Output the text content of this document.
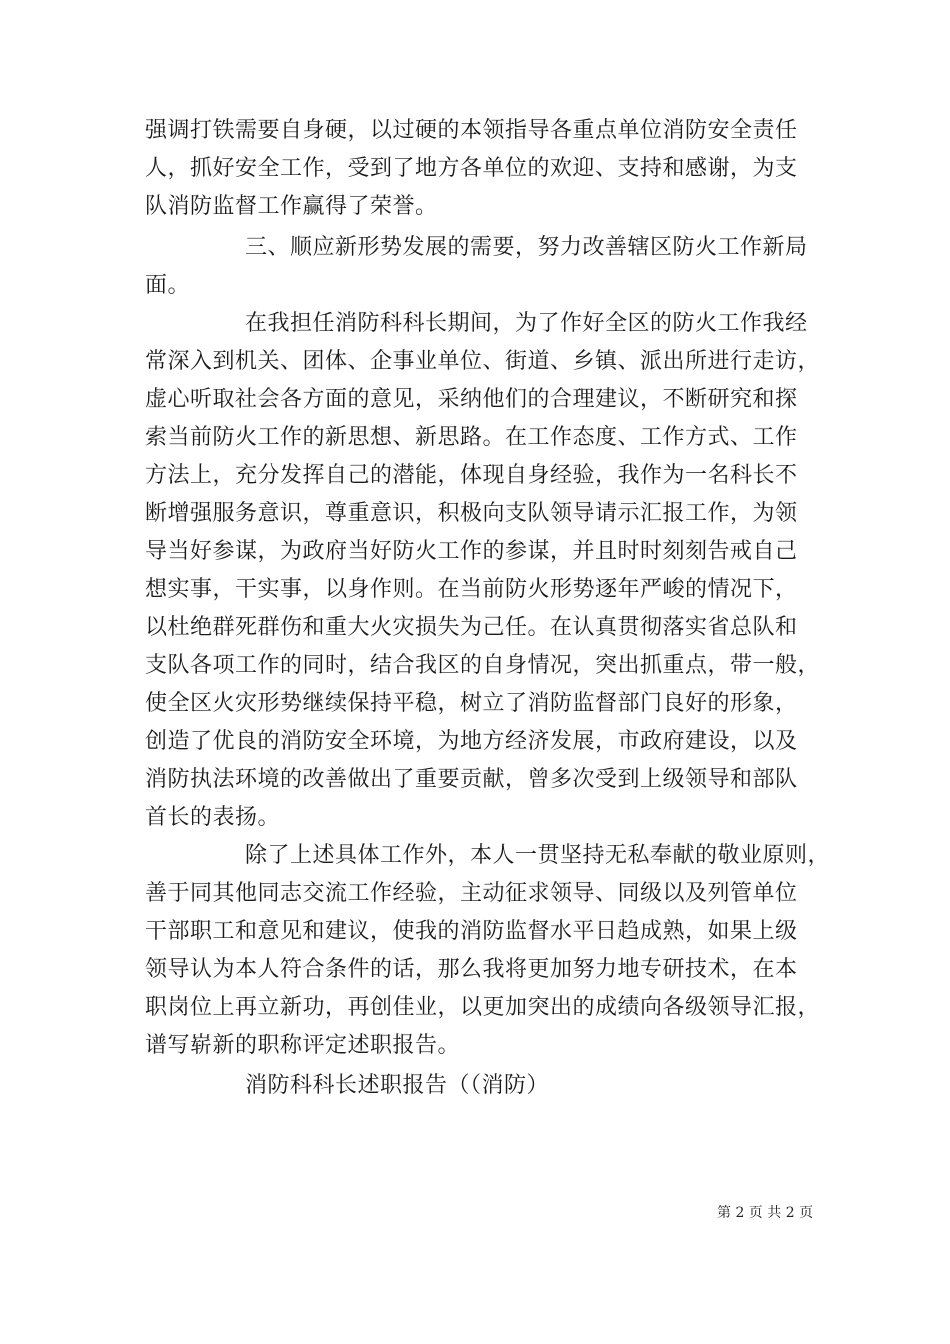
强调打铁需要自身硬，以过硬的本领指导各重点单位消防安全责任
人，抓好安全工作，受到了地方各单位的欢迎、支持和感谢，为支
队消防监督工作赢得了荣誉。
三、顺应新形势发展的需要，努力改善辖区防火工作新局
面。
在我担任消防科科长期间，为了作好全区的防火工作我经
常深入到机关、团体、企事业单位、街道、乡镇、派出所进行走访，
虚心听取社会各方面的意见，采纳他们的合理建议，不断研究和探
索当前防火工作的新思想、新思路。在工作态度、工作方式、工作
方法上，充分发挥自己的潜能，体现自身经验，我作为一名科长不
断增强服务意识，尊重意识，积极向支队领导请示汇报工作，为领
导当好参谋，为政府当好防火工作的参谋，并且时时刻刻告戒自己
想实事，干实事，以身作则。在当前防火形势逐年严峻的情况下，
以杜绝群死群伤和重大火灾损失为己任。在认真贯彻落实省总队和
支队各项工作的同时，结合我区的自身情况，突出抓重点，带一般，
使全区火灾形势继续保持平稳，树立了消防监督部门良好的形象，
创造了优良的消防安全环境，为地方经济发展，市政府建设，以及
消防执法环境的改善做出了重要贡献，曾多次受到上级领导和部队
首长的表扬。
除了上述具体工作外，本人一贯坚持无私奉献的敬业原则，
善于同其他同志交流工作经验，主动征求领导、同级以及列管单位
干部职工和意见和建议，使我的消防监督水平日趋成熟，如果上级
领导认为本人符合条件的话，那么我将更加努力地专研技术，在本
职岗位上再立新功，再创佳业，以更加突出的成绩向各级领导汇报，
谱写崭新的职称评定述职报告。
消防科科长述职报告（（消防）
第 2 页 共 2 页
